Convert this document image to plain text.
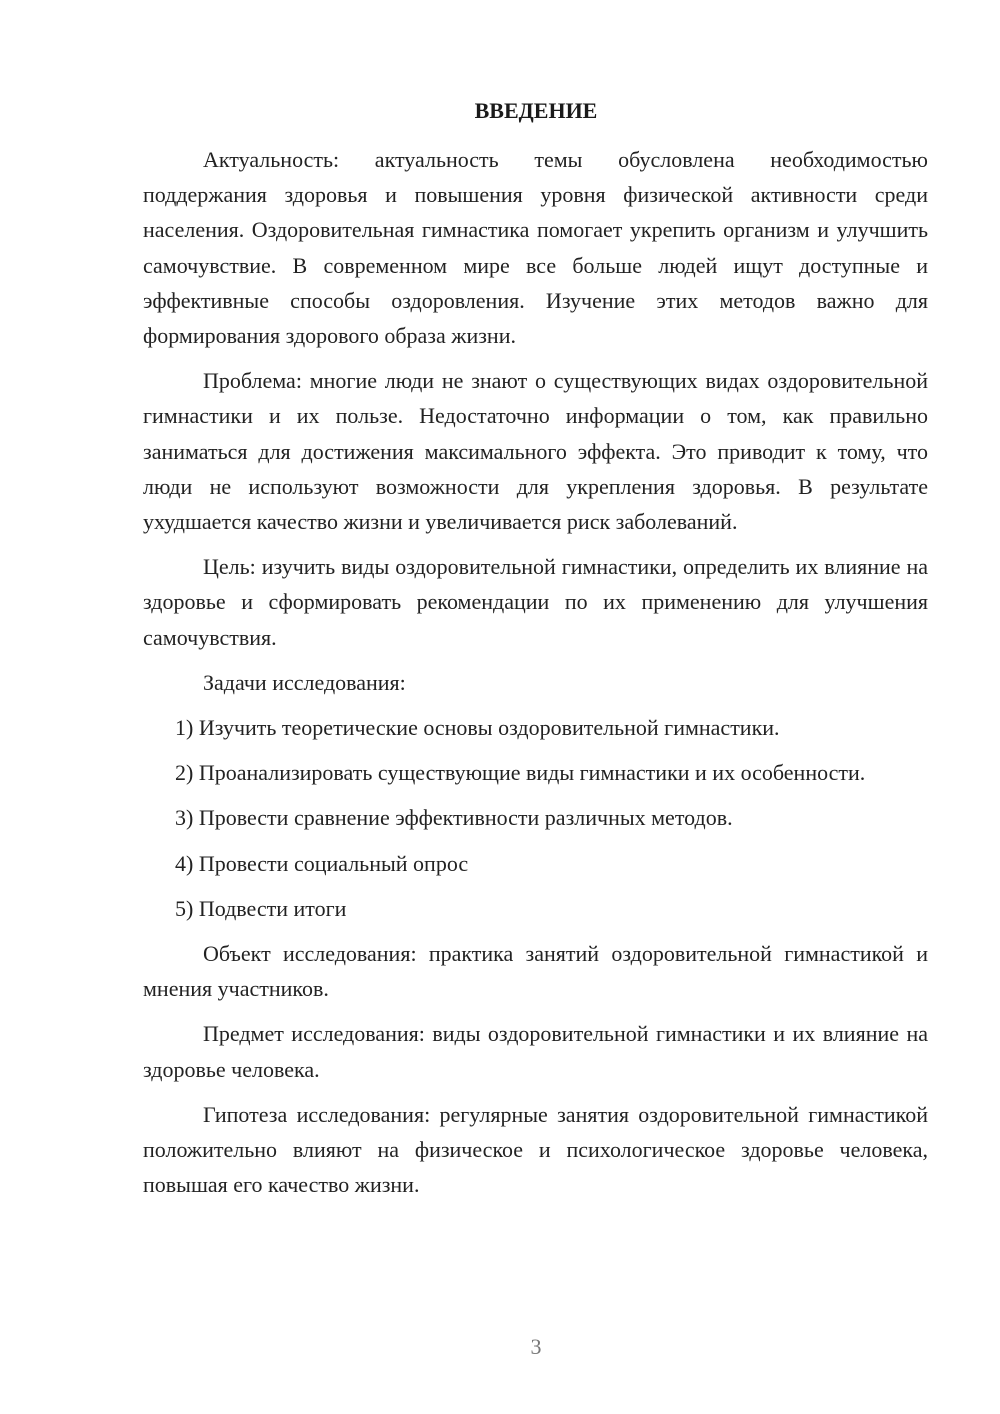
ВВЕДЕНИЕ

Актуальность: актуальность темы обусловлена необходимостью поддержания здоровья и повышения уровня физической активности среди населения. Оздоровительная гимнастика помогает укрепить организм и улучшить самочувствие. В современном мире все больше людей ищут доступные и эффективные способы оздоровления. Изучение этих методов важно для формирования здорового образа жизни.

Проблема: многие люди не знают о существующих видах оздоровительной гимнастики и их пользе. Недостаточно информации о том, как правильно заниматься для достижения максимального эффекта. Это приводит к тому, что люди не используют возможности для укрепления здоровья. В результате ухудшается качество жизни и увеличивается риск заболеваний.

Цель: изучить виды оздоровительной гимнастики, определить их влияние на здоровье и сформировать рекомендации по их применению для улучшения самочувствия.

Задачи исследования:

1) Изучить теоретические основы оздоровительной гимнастики.

2) Проанализировать существующие виды гимнастики и их особенности.

3) Провести сравнение эффективности различных методов.

4) Провести социальный опрос

5) Подвести итоги

Объект исследования: практика занятий оздоровительной гимнастикой и мнения участников.

Предмет исследования: виды оздоровительной гимнастики и их влияние на здоровье человека.

Гипотеза исследования: регулярные занятия оздоровительной гимнастикой положительно влияют на физическое и психологическое здоровье человека, повышая его качество жизни.

3
